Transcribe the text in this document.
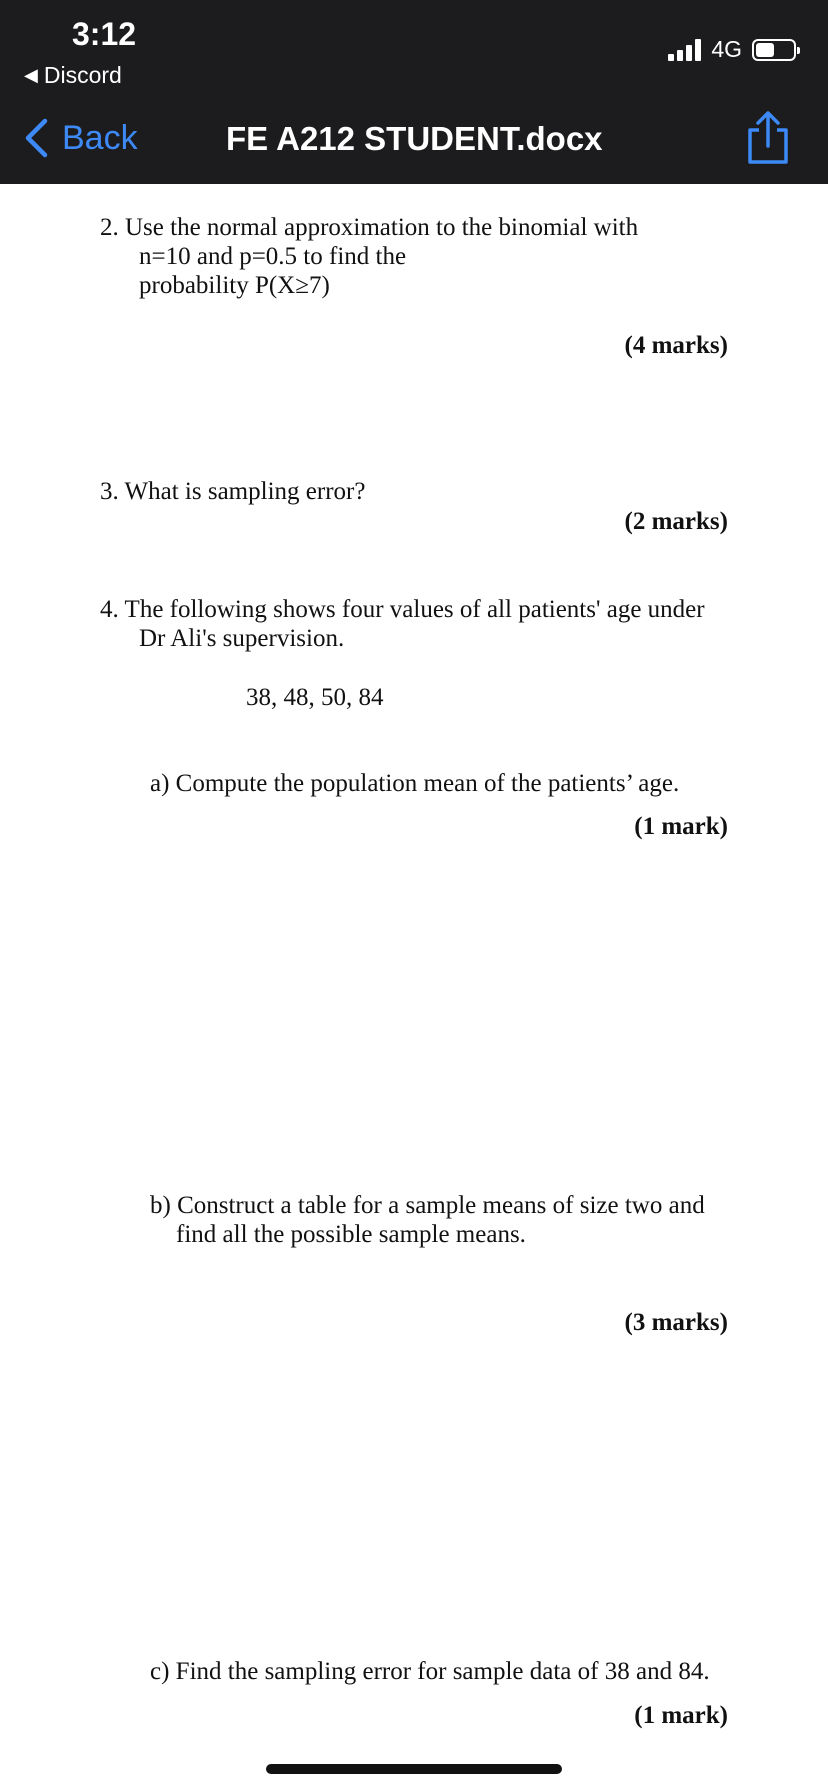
3:12
◀ Discord
4G
Back	FE A212 STUDENT.docx
2. Use the normal approximation to the binomial with
n=10 and p=0.5 to find the
probability P(X≥7)
(4 marks)
3. What is sampling error?
(2 marks)
4. The following shows four values of all patients' age under
Dr Ali's supervision.
38, 48, 50, 84
a) Compute the population mean of the patients’ age.
(1 mark)
b) Construct a table for a sample means of size two and
find all the possible sample means.
(3 marks)
c) Find the sampling error for sample data of 38 and 84.
(1 mark)
